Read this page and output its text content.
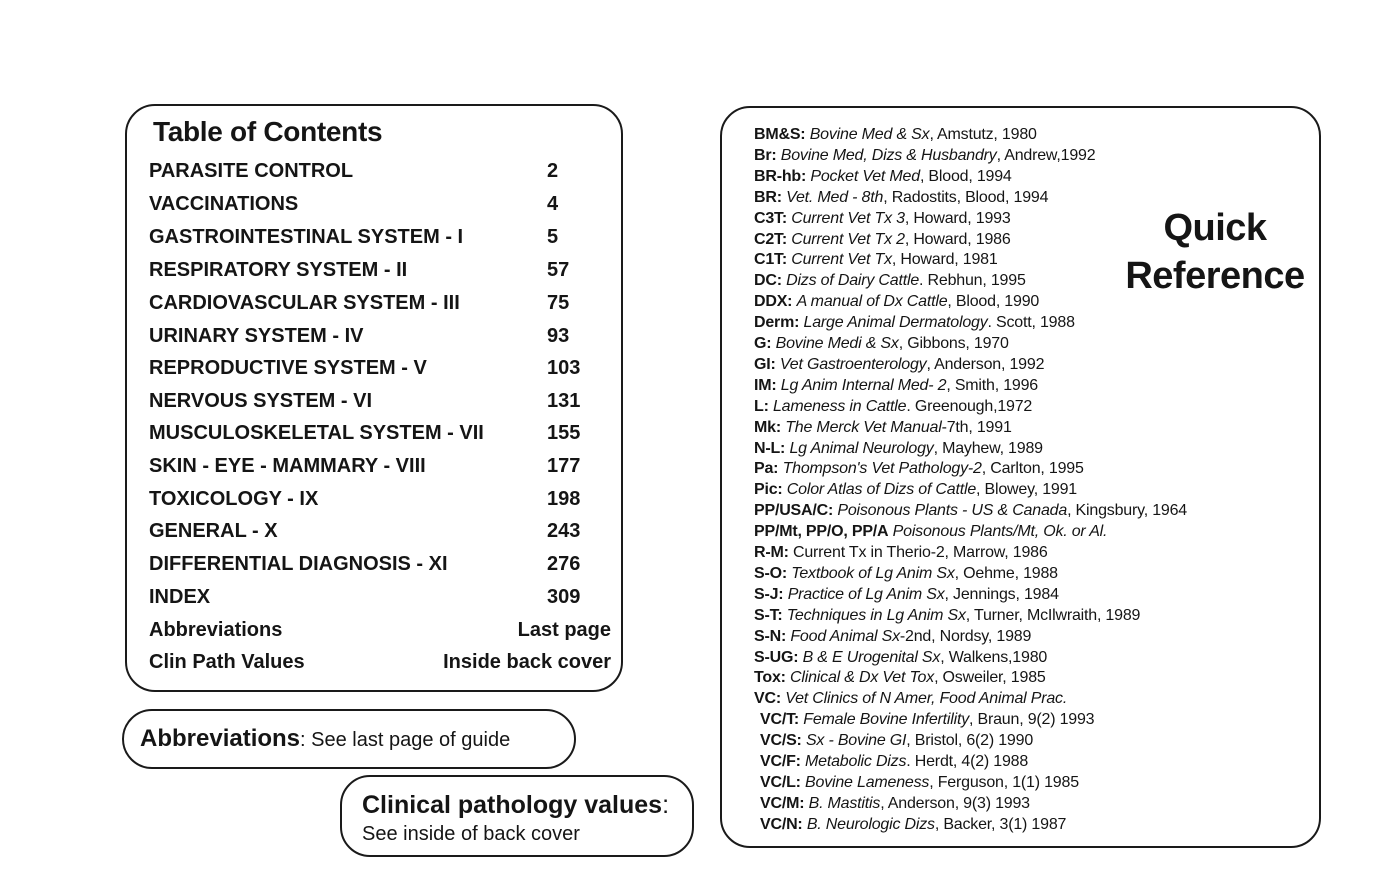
Table of Contents
PARASITE CONTROL	2
VACCINATIONS	4
GASTROINTESTINAL SYSTEM - I	5
RESPIRATORY SYSTEM - II	57
CARDIOVASCULAR SYSTEM - III	75
URINARY SYSTEM - IV	93
REPRODUCTIVE SYSTEM - V	103
NERVOUS SYSTEM - VI	131
MUSCULOSKELETAL SYSTEM - VII	155
SKIN - EYE - MAMMARY - VIII	177
TOXICOLOGY - IX	198
GENERAL - X	243
DIFFERENTIAL DIAGNOSIS - XI	276
INDEX	309
Abbreviations	Last page
Clin Path Values	Inside back cover
Abbreviations: See last page of guide
Clinical pathology values:
See inside of back cover
Quick
Reference
BM&S: Bovine Med & Sx, Amstutz, 1980
Br: Bovine Med, Dizs & Husbandry, Andrew,1992
BR-hb: Pocket Vet Med, Blood, 1994
BR: Vet. Med - 8th, Radostits, Blood, 1994
C3T: Current Vet Tx 3, Howard, 1993
C2T: Current Vet Tx 2, Howard, 1986
C1T: Current Vet Tx, Howard, 1981
DC: Dizs of Dairy Cattle. Rebhun, 1995
DDX: A manual of Dx Cattle, Blood, 1990
Derm: Large Animal Dermatology. Scott, 1988
G: Bovine Medi & Sx, Gibbons, 1970
GI: Vet Gastroenterology, Anderson, 1992
IM: Lg Anim Internal Med- 2, Smith, 1996
L: Lameness in Cattle. Greenough,1972
Mk: The Merck Vet Manual-7th, 1991
N-L: Lg Animal Neurology, Mayhew, 1989
Pa: Thompson's Vet Pathology-2, Carlton, 1995
Pic: Color Atlas of Dizs of Cattle, Blowey, 1991
PP/USA/C: Poisonous Plants - US & Canada, Kingsbury, 1964
PP/Mt, PP/O, PP/A Poisonous Plants/Mt, Ok. or Al.
R-M: Current Tx in Therio-2, Marrow, 1986
S-O: Textbook of Lg Anim Sx, Oehme, 1988
S-J: Practice of Lg Anim Sx, Jennings, 1984
S-T: Techniques in Lg Anim Sx, Turner, McIlwraith, 1989
S-N: Food Animal Sx-2nd, Nordsy, 1989
S-UG: B & E Urogenital Sx, Walkens,1980
Tox: Clinical & Dx Vet Tox, Osweiler, 1985
VC: Vet Clinics of N Amer, Food Animal Prac.
VC/T: Female Bovine Infertility, Braun, 9(2) 1993
VC/S: Sx - Bovine GI, Bristol, 6(2) 1990
VC/F: Metabolic Dizs. Herdt, 4(2) 1988
VC/L: Bovine Lameness, Ferguson, 1(1) 1985
VC/M: B. Mastitis, Anderson, 9(3) 1993
VC/N: B. Neurologic Dizs, Backer, 3(1) 1987
